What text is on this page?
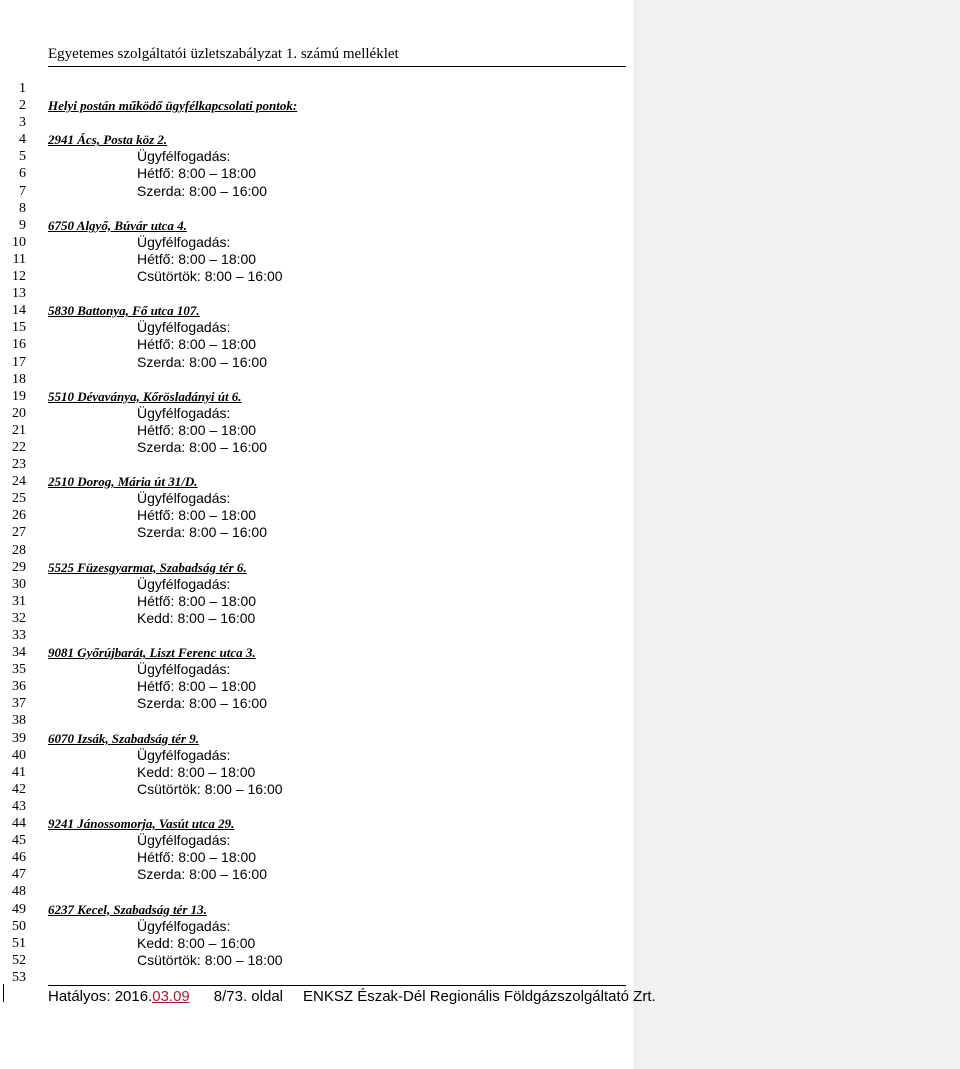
Egyetemes szolgáltatói üzletszabályzat 1. számú melléklet
1
2
3
4
5
6
7
8
9
10
11
12
13
14
15
16
17
18
19
20
21
22
23
24
25
26
27
28
29
30
31
32
33
34
35
36
37
38
39
40
41
42
43
44
45
46
47
48
49
50
51
52
53
Helyi postán működő ügyfélkapcsolati pontok:
2941 Ács, Posta köz 2.
Ügyfélfogadás:
Hétfő: 8:00 – 18:00
Szerda: 8:00 – 16:00
6750 Algyő, Búvár utca 4.
Ügyfélfogadás:
Hétfő: 8:00 – 18:00
Csütörtök: 8:00 – 16:00
5830 Battonya, Fő utca 107.
Ügyfélfogadás:
Hétfő: 8:00 – 18:00
Szerda: 8:00 – 16:00
5510 Dévaványa, Kőrösladányi út 6.
Ügyfélfogadás:
Hétfő: 8:00 – 18:00
Szerda: 8:00 – 16:00
2510 Dorog, Mária út 31/D.
Ügyfélfogadás:
Hétfő: 8:00 – 18:00
Szerda: 8:00 – 16:00
5525 Füzesgyarmat, Szabadság tér 6.
Ügyfélfogadás:
Hétfő: 8:00 – 18:00
Kedd: 8:00 – 16:00
9081 Győrújbarát, Liszt Ferenc utca 3.
Ügyfélfogadás:
Hétfő: 8:00 – 18:00
Szerda: 8:00 – 16:00
6070 Izsák, Szabadság tér 9.
Ügyfélfogadás:
Kedd: 8:00 – 18:00
Csütörtök: 8:00 – 16:00
9241 Jánossomorja, Vasút utca 29.
Ügyfélfogadás:
Hétfő: 8:00 – 18:00
Szerda: 8:00 – 16:00
6237 Kecel, Szabadság tér 13.
Ügyfélfogadás:
Kedd: 8:00 – 16:00
Csütörtök: 8:00 – 18:00
Hatályos: 2016.03.09 8/73. oldal ENKSZ Észak-Dél Regionális Földgázszolgáltató Zrt.
